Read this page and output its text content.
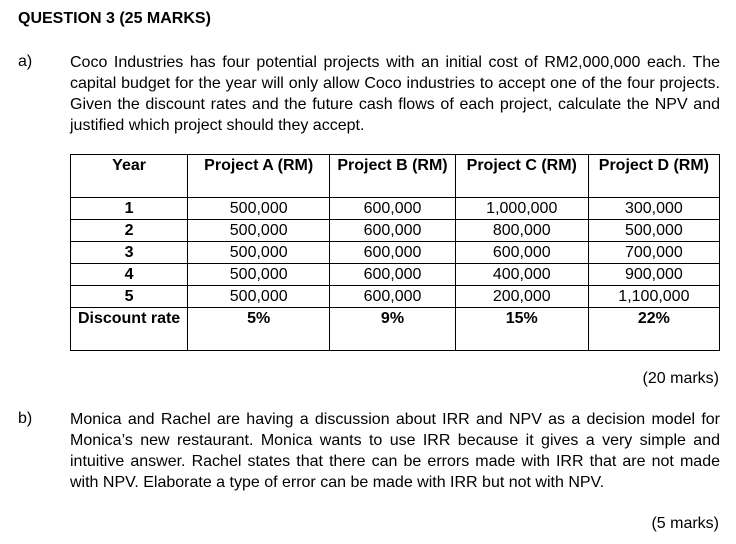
QUESTION 3 (25 MARKS)
a) Coco Industries has four potential projects with an initial cost of RM2,000,000 each. The capital budget for the year will only allow Coco industries to accept one of the four projects. Given the discount rates and the future cash flows of each project, calculate the NPV and justified which project should they accept.
Year	Project A (RM)	Project B (RM)	Project C (RM)	Project D (RM)
1	500,000	600,000	1,000,000	300,000
2	500,000	600,000	800,000	500,000
3	500,000	600,000	600,000	700,000
4	500,000	600,000	400,000	900,000
5	500,000	600,000	200,000	1,100,000
Discount rate	5%	9%	15%	22%
(20 marks)
b) Monica and Rachel are having a discussion about IRR and NPV as a decision model for Monica’s new restaurant. Monica wants to use IRR because it gives a very simple and intuitive answer. Rachel states that there can be errors made with IRR that are not made with NPV. Elaborate a type of error can be made with IRR but not with NPV.
(5 marks)
